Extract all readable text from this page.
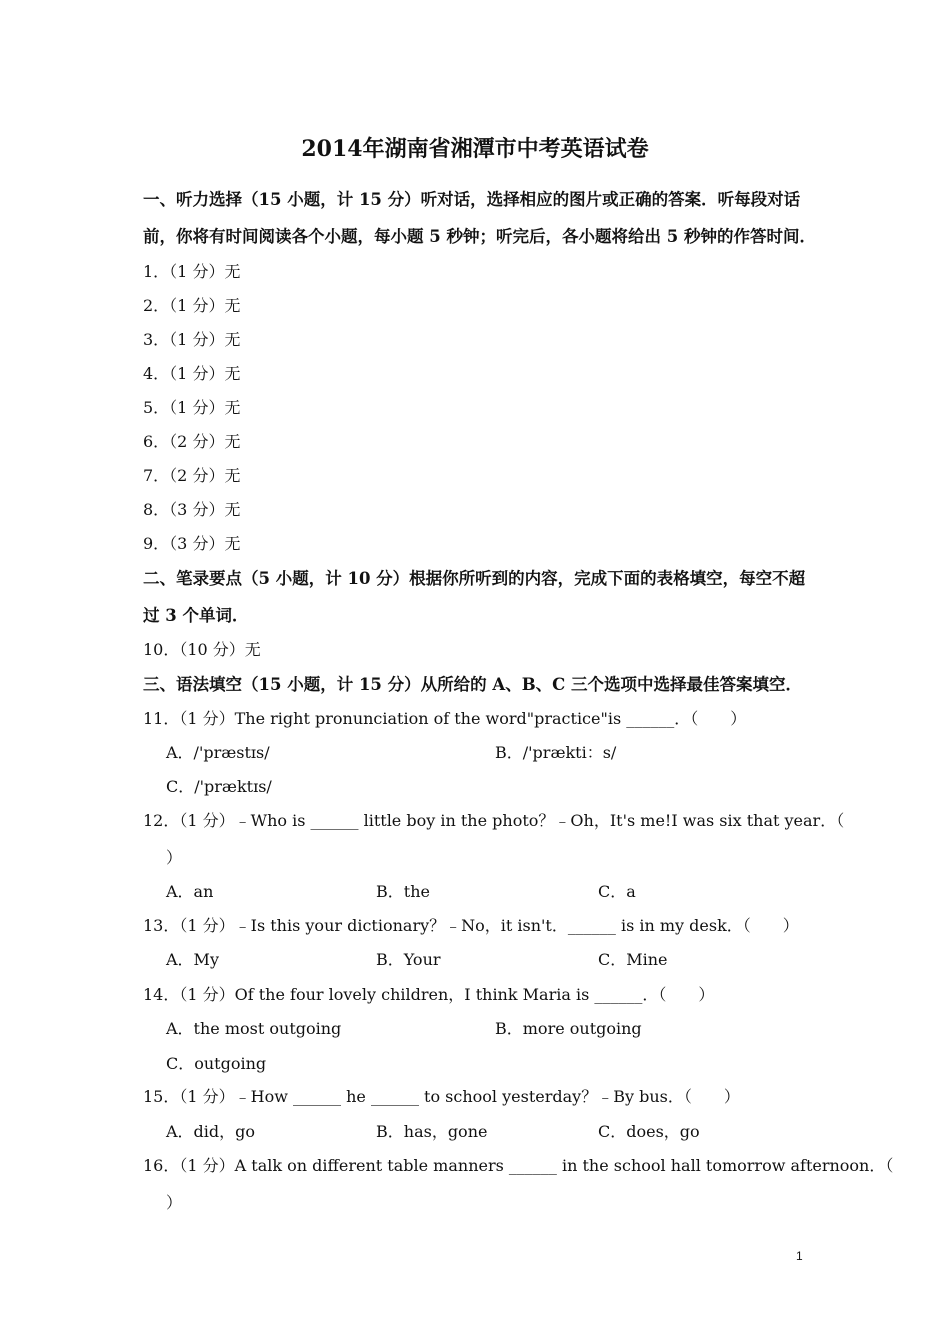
2014年湖南省湘潭市中考英语试卷
一、听力选择（15 小题，计 15 分）听对话，选择相应的图片或正确的答案．听每段对话
前，你将有时间阅读各个小题，每小题 5 秒钟；听完后，各小题将给出 5 秒钟的作答时间．
1．（1 分）无
2．（1 分）无
3．（1 分）无
4．（1 分）无
5．（1 分）无
6．（2 分）无
7．（2 分）无
8．（3 分）无
9．（3 分）无
二、笔录要点（5 小题，计 10 分）根据你所听到的内容，完成下面的表格填空，每空不超
过 3 个单词．
10．（10 分）无
三、语法填空（15 小题，计 15 分）从所给的 A、B、C 三个选项中选择最佳答案填空．
11．（1 分）The right pronunciation of the word"practice"is ______．（　　）
A．/'præstɪs/	B．/'prækti：s/
C．/'præktɪs/
12．（1 分）﹣Who is ______ little boy in the photo？﹣Oh，It's me!I was six that year．（
）
A．an	B．the	C．a
13．（1 分）﹣Is this your dictionary？﹣No，it isn't．______ is in my desk．（　　）
A．My	B．Your	C．Mine
14．（1 分）Of the four lovely children，I think Maria is ______．（　　）
A．the most outgoing	B．more outgoing
C．outgoing
15．（1 分）﹣How ______ he ______ to school yesterday？﹣By bus．（　　）
A．did，go	B．has，gone	C．does，go
16．（1 分）A talk on different table manners ______ in the school hall tomorrow afternoon．（
）
1
